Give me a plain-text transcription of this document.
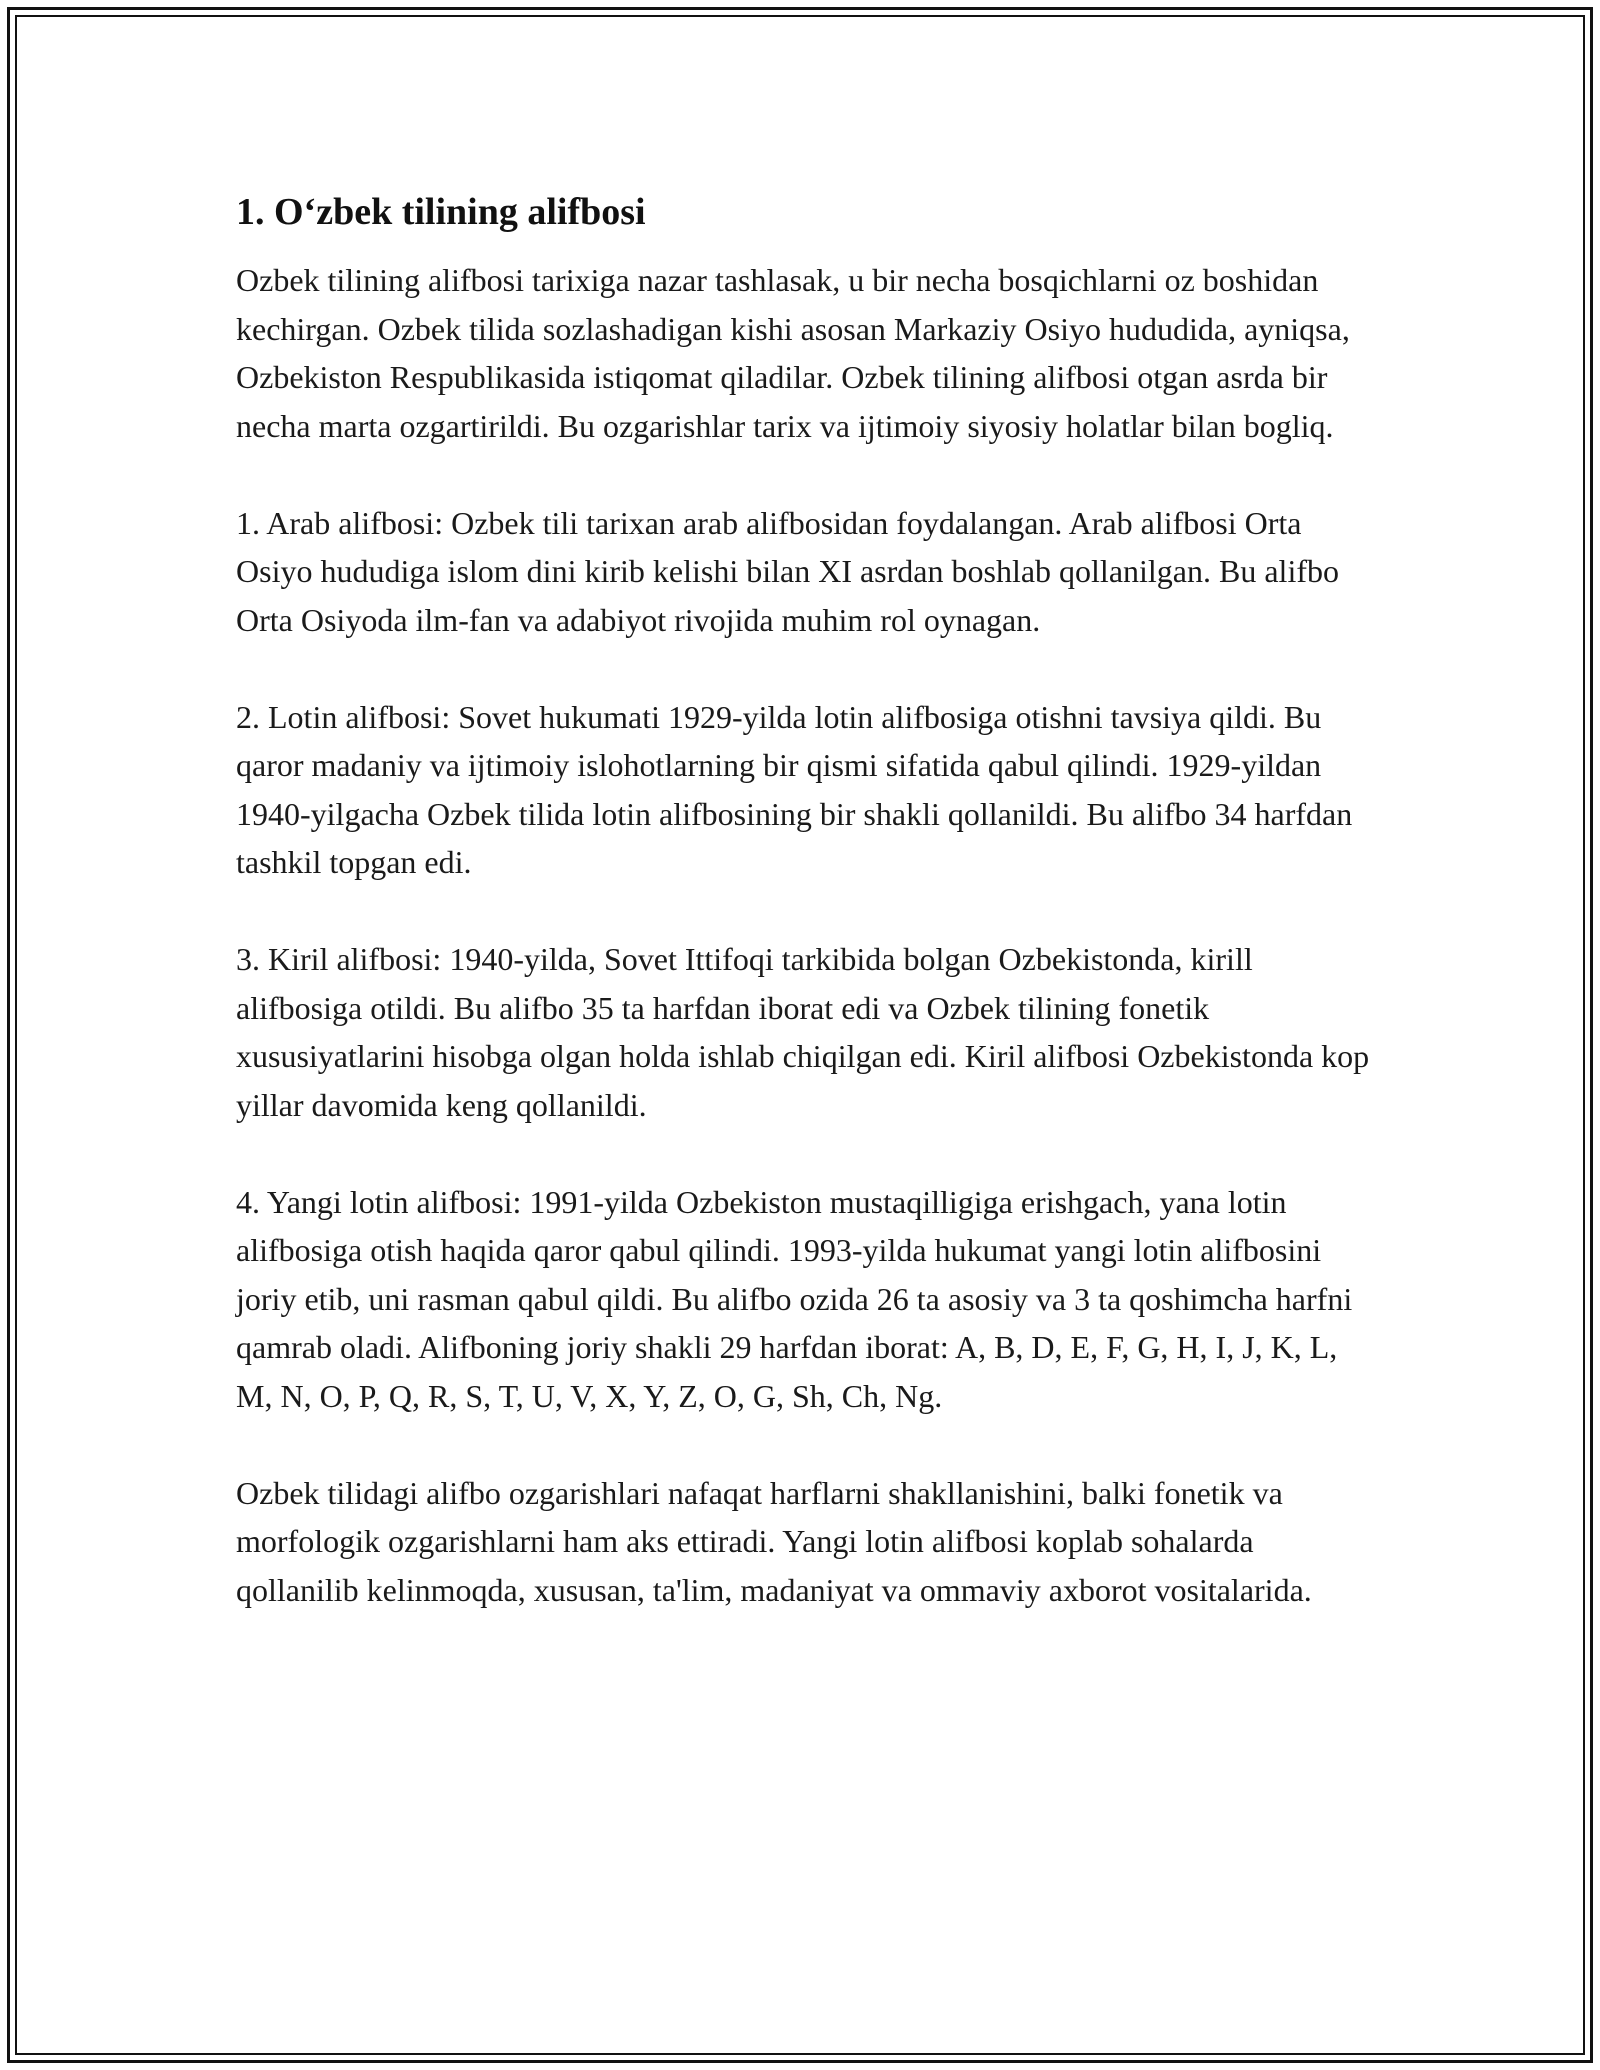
1. Oʻzbek tilining alifbosi

Ozbek tilining alifbosi tarixiga nazar tashlasak, u bir necha bosqichlarni oz boshidan kechirgan. Ozbek tilida sozlashadigan kishi asosan Markaziy Osiyo hududida, ayniqsa, Ozbekiston Respublikasida istiqomat qiladilar. Ozbek tilining alifbosi otgan asrda bir necha marta ozgartirildi. Bu ozgarishlar tarix va ijtimoiy siyosiy holatlar bilan bogliq.

1. Arab alifbosi: Ozbek tili tarixan arab alifbosidan foydalangan. Arab alifbosi Orta Osiyo hududiga islom dini kirib kelishi bilan XI asrdan boshlab qollanilgan. Bu alifbo Orta Osiyoda ilm-fan va adabiyot rivojida muhim rol oynagan.

2. Lotin alifbosi: Sovet hukumati 1929-yilda lotin alifbosiga otishni tavsiya qildi. Bu qaror madaniy va ijtimoiy islohotlarning bir qismi sifatida qabul qilindi. 1929-yildan 1940-yilgacha Ozbek tilida lotin alifbosining bir shakli qollanildi. Bu alifbo 34 harfdan tashkil topgan edi.

3. Kiril alifbosi: 1940-yilda, Sovet Ittifoqi tarkibida bolgan Ozbekistonda, kirill alifbosiga otildi. Bu alifbo 35 ta harfdan iborat edi va Ozbek tilining fonetik xususiyatlarini hisobga olgan holda ishlab chiqilgan edi. Kiril alifbosi Ozbekistonda kop yillar davomida keng qollanildi.

4. Yangi lotin alifbosi: 1991-yilda Ozbekiston mustaqilligiga erishgach, yana lotin alifbosiga otish haqida qaror qabul qilindi. 1993-yilda hukumat yangi lotin alifbosini joriy etib, uni rasman qabul qildi. Bu alifbo ozida 26 ta asosiy va 3 ta qoshimcha harfni qamrab oladi. Alifboning joriy shakli 29 harfdan iborat: A, B, D, E, F, G, H, I, J, K, L, M, N, O, P, Q, R, S, T, U, V, X, Y, Z, O, G, Sh, Ch, Ng.

Ozbek tilidagi alifbo ozgarishlari nafaqat harflarni shakllanishini, balki fonetik va morfologik ozgarishlarni ham aks ettiradi. Yangi lotin alifbosi koplab sohalarda qollanilib kelinmoqda, xususan, ta'lim, madaniyat va ommaviy axborot vositalarida.
